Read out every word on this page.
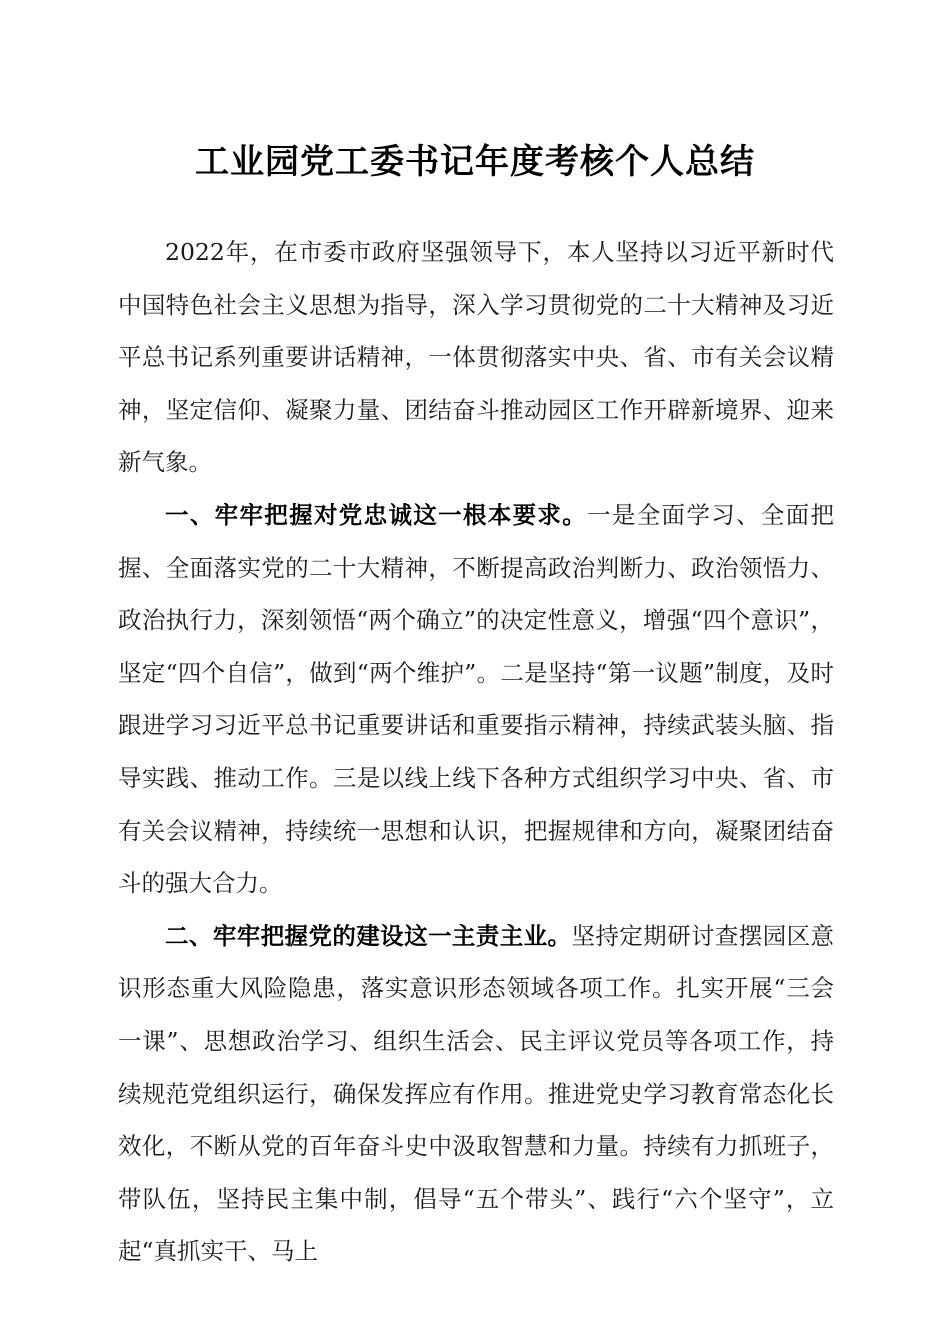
工业园党工委书记年度考核个人总结

2022年，在市委市政府坚强领导下，本人坚持以习近平新时代中国特色社会主义思想为指导，深入学习贯彻党的二十大精神及习近平总书记系列重要讲话精神，一体贯彻落实中央、省、市有关会议精神，坚定信仰、凝聚力量、团结奋斗推动园区工作开辟新境界、迎来新气象。

一、牢牢把握对党忠诚这一根本要求。一是全面学习、全面把握、全面落实党的二十大精神，不断提高政治判断力、政治领悟力、政治执行力，深刻领悟“两个确立”的决定性意义，增强“四个意识”，坚定“四个自信”，做到“两个维护”。二是坚持“第一议题”制度，及时跟进学习习近平总书记重要讲话和重要指示精神，持续武装头脑、指导实践、推动工作。三是以线上线下各种方式组织学习中央、省、市有关会议精神，持续统一思想和认识，把握规律和方向，凝聚团结奋斗的强大合力。

二、牢牢把握党的建设这一主责主业。坚持定期研讨查摆园区意识形态重大风险隐患，落实意识形态领域各项工作。扎实开展“三会一课”、思想政治学习、组织生活会、民主评议党员等各项工作，持续规范党组织运行，确保发挥应有作用。推进党史学习教育常态化长效化，不断从党的百年奋斗史中汲取智慧和力量。持续有力抓班子，带队伍，坚持民主集中制，倡导“五个带头”、践行“六个坚守”，立起“真抓实干、马上
